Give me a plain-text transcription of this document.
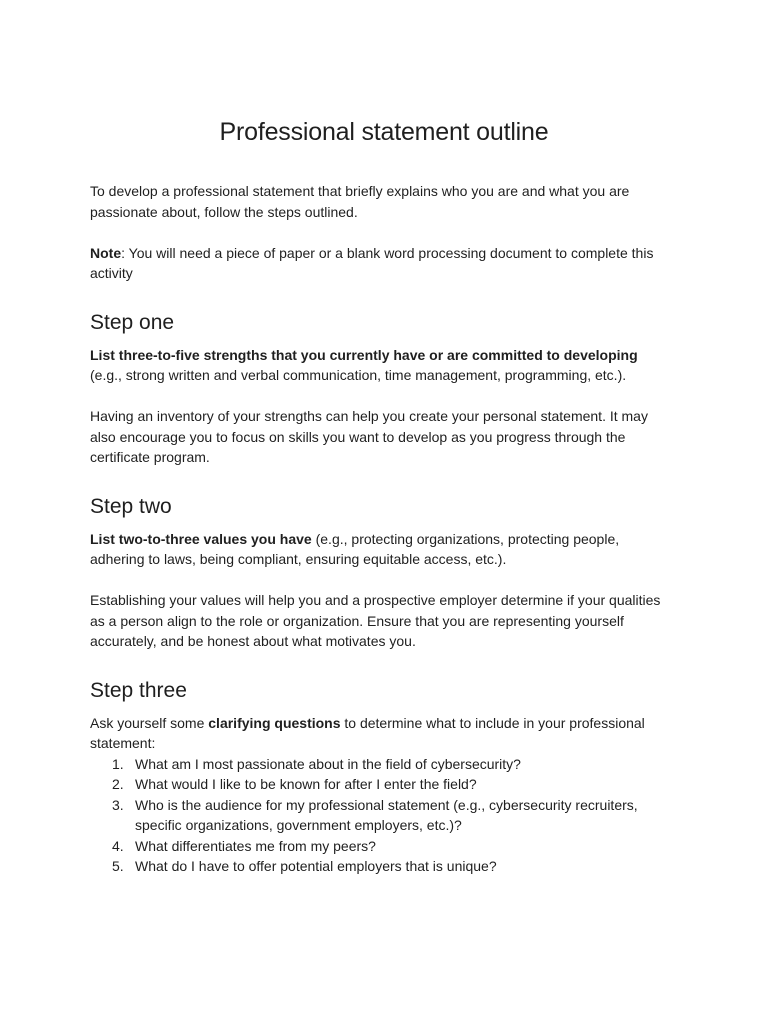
Professional statement outline

To develop a professional statement that briefly explains who you are and what you are passionate about, follow the steps outlined.

Note: You will need a piece of paper or a blank word processing document to complete this activity

Step one

List three-to-five strengths that you currently have or are committed to developing (e.g., strong written and verbal communication, time management, programming, etc.).

Having an inventory of your strengths can help you create your personal statement. It may also encourage you to focus on skills you want to develop as you progress through the certificate program.

Step two

List two-to-three values you have (e.g., protecting organizations, protecting people, adhering to laws, being compliant, ensuring equitable access, etc.).

Establishing your values will help you and a prospective employer determine if your qualities as a person align to the role or organization. Ensure that you are representing yourself accurately, and be honest about what motivates you.

Step three

Ask yourself some clarifying questions to determine what to include in your professional statement:

1. What am I most passionate about in the field of cybersecurity?
2. What would I like to be known for after I enter the field?
3. Who is the audience for my professional statement (e.g., cybersecurity recruiters, specific organizations, government employers, etc.)?
4. What differentiates me from my peers?
5. What do I have to offer potential employers that is unique?
